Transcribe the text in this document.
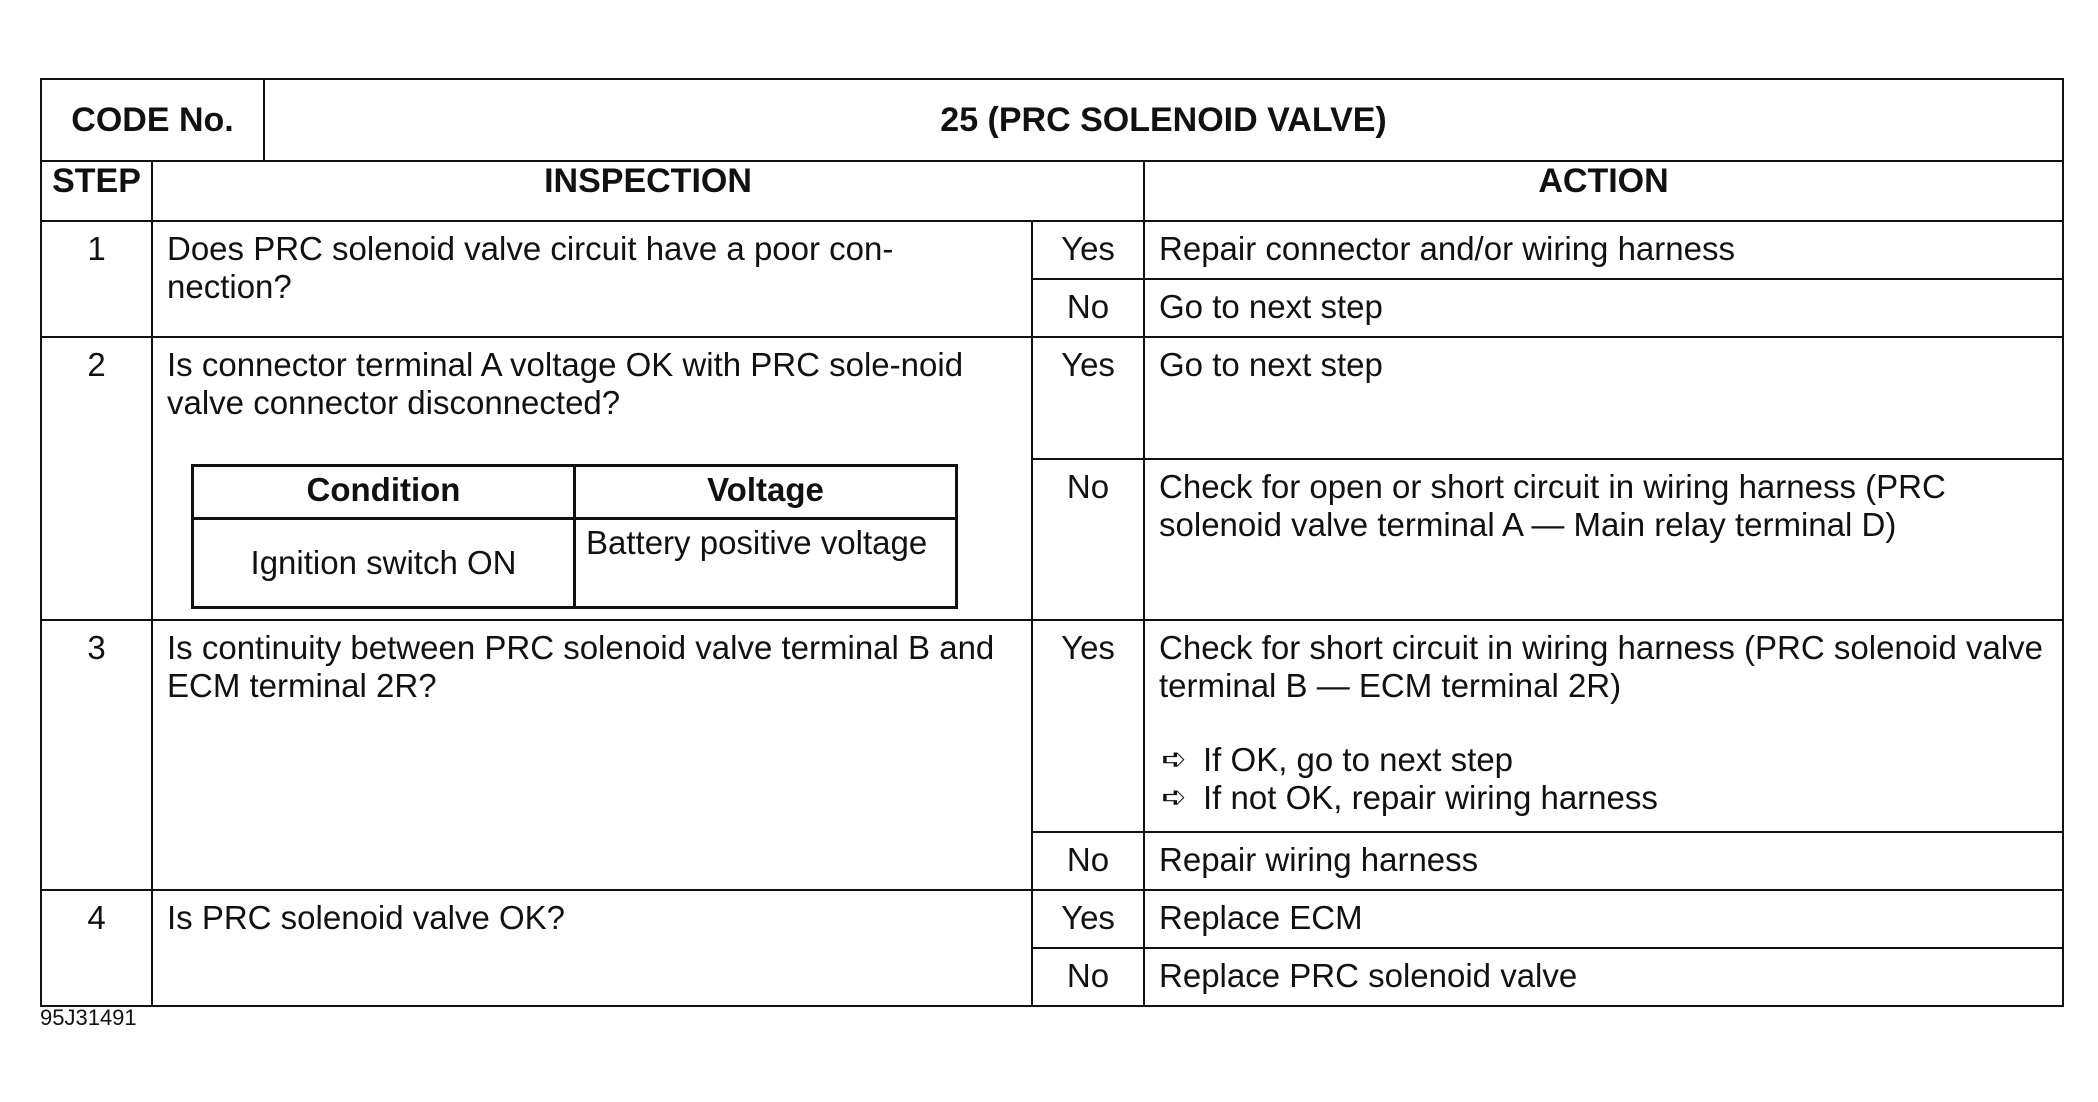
CODE No.	25 (PRC SOLENOID VALVE)
STEP	INSPECTION	ACTION
1	Does PRC solenoid valve circuit have a poor con-nection?	Yes	Repair connector and/or wiring harness
No	Go to next step
2	Is connector terminal A voltage OK with PRC sole-noid valve connector disconnected?
Condition	Voltage
Ignition switch ON	Battery positive voltage
	Yes	Go to next step
No	Check for open or short circuit in wiring harness (PRC solenoid valve terminal A — Main relay terminal D)
3	Is continuity between PRC solenoid valve terminal B and ECM terminal 2R?	Yes	Check for short circuit in wiring harness (PRC solenoid valve terminal B — ECM terminal 2R)
➪ If OK, go to next step
➪ If not OK, repair wiring harness

No	Repair wiring harness
4	Is PRC solenoid valve OK?	Yes	Replace ECM
No	Replace PRC solenoid valve
95J31491
